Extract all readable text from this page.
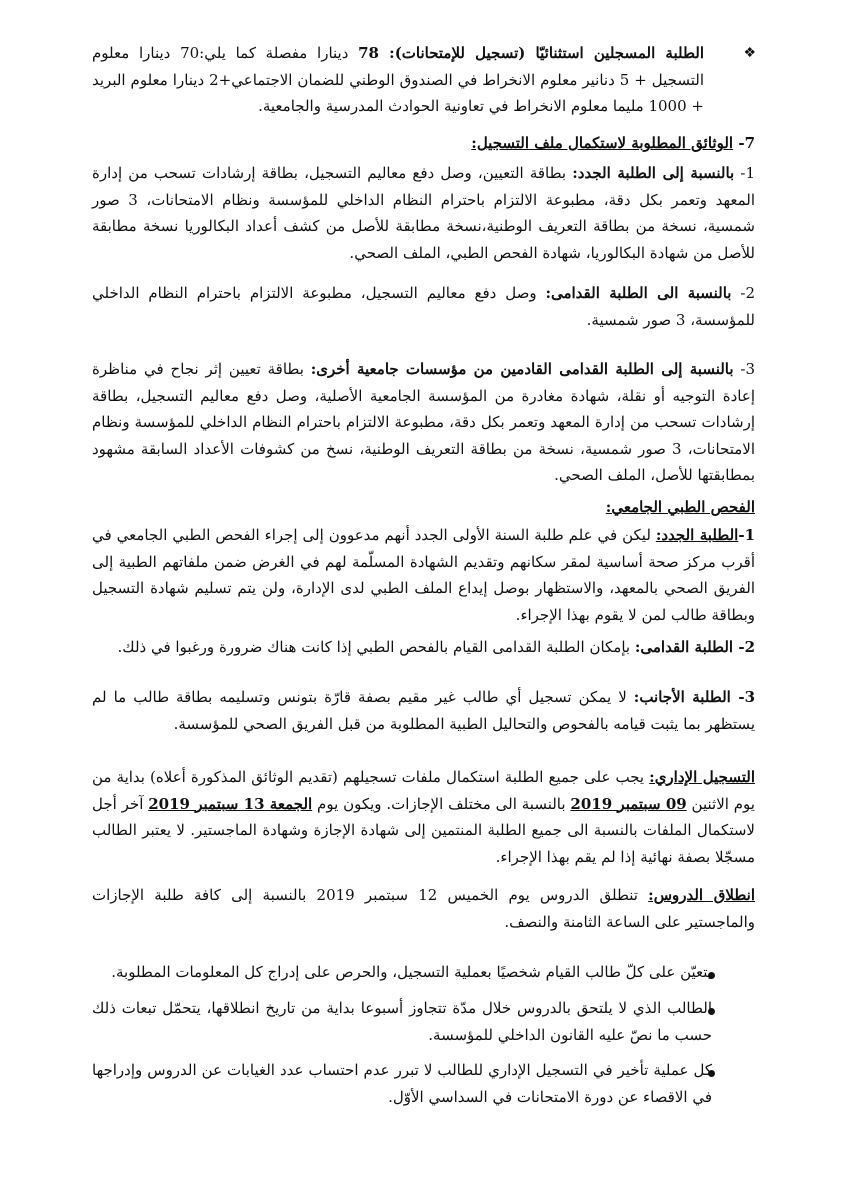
❖
الطلبة المسجلين استثنائيّا (تسجيل للإمتحانات): 78 دينارا مفصلة كما يلي:70 دينارا معلوم التسجيل + 5 دنانير معلوم الانخراط في الصندوق الوطني للضمان الاجتماعي+2 دينارا معلوم البريد + 1000 مليما معلوم الانخراط في تعاونية الحوادث المدرسية والجامعية.
7- الوثائق المطلوبة لاستكمال ملف التسجيل:
1- بالنسبة إلى الطلبة الجدد: بطاقة التعيين، وصل دفع معاليم التسجيل، بطاقة إرشادات تسحب من إدارة المعهد وتعمر بكل دقة، مطبوعة الالتزام باحترام النظام الداخلي للمؤسسة ونظام الامتحانات، 3 صور شمسية، نسخة من بطاقة التعريف الوطنية،نسخة مطابقة للأصل من كشف أعداد البكالوريا نسخة مطابقة للأصل من شهادة البكالوريا، شهادة الفحص الطبي، الملف الصحي.
2- بالنسبة الى الطلبة القدامى: وصل دفع معاليم التسجيل، مطبوعة الالتزام باحترام النظام الداخلي للمؤسسة، 3 صور شمسية.
3- بالنسبة إلى الطلبة القدامى القادمين من مؤسسات جامعية أخرى: بطاقة تعيين إثر نجاح في مناظرة إعادة التوجيه أو نقلة، شهادة مغادرة من المؤسسة الجامعية الأصلية، وصل دفع معاليم التسجيل، بطاقة إرشادات تسحب من إدارة المعهد وتعمر بكل دقة، مطبوعة الالتزام باحترام النظام الداخلي للمؤسسة ونظام الامتحانات، 3 صور شمسية، نسخة من بطاقة التعريف الوطنية، نسخ من كشوفات الأعداد السابقة مشهود بمطابقتها للأصل، الملف الصحي.
الفحص الطبي الجامعي:
1-الطلبة الجدد: ليكن في علم طلبة السنة الأولى الجدد أنهم مدعوون إلى إجراء الفحص الطبي الجامعي في أقرب مركز صحة أساسية لمقر سكانهم وتقديم الشهادة المسلّمة لهم في الغرض ضمن ملفاتهم الطبية إلى الفريق الصحي بالمعهد، والاستظهار بوصل إيداع الملف الطبي لدى الإدارة، ولن يتم تسليم شهادة التسجيل وبطاقة طالب لمن لا يقوم بهذا الإجراء.
2- الطلبة القدامى: بإمكان الطلبة القدامى القيام بالفحص الطبي إذا كانت هناك ضرورة ورغبوا في ذلك.
3- الطلبة الأجانب: لا يمكن تسجيل أي طالب غير مقيم بصفة قارّة بتونس وتسليمه بطاقة طالب ما لم يستظهر بما يثبت قيامه بالفحوص والتحاليل الطبية المطلوبة من قبل الفريق الصحي للمؤسسة.
التسجيل الإداري: يجب على جميع الطلبة استكمال ملفات تسجيلهم (تقديم الوثائق المذكورة أعلاه) بداية من يوم الاثنين 09 سبتمبر 2019 بالنسبة الى مختلف الإجازات. ويكون يوم الجمعة 13 سبتمبر 2019 آخر أجل لاستكمال الملفات بالنسبة الى جميع الطلبة المنتمين إلى شهادة الإجازة وشهادة الماجستير. لا يعتبر الطالب مسجّلا بصفة نهائية إذا لم يقم بهذا الإجراء.
انطلاق الدروس: تنطلق الدروس يوم الخميس 12 سبتمبر 2019 بالنسبة إلى كافة طلبة الإجازات والماجستير على الساعة الثامنة والنصف.
يتعيّن على كلّ طالب القيام شخصيًا بعملية التسجيل، والحرص على إدراج كل المعلومات المطلوبة.
الطالب الذي لا يلتحق بالدروس خلال مدّة تتجاوز أسبوعا بداية من تاريخ انطلاقها، يتحمّل تبعات ذلك حسب ما نصّ عليه القانون الداخلي للمؤسسة.
كل عملية تأخير في التسجيل الإداري للطالب لا تبرر عدم احتساب عدد الغيابات عن الدروس وإدراجها في الاقصاء عن دورة الامتحانات في السداسي الأوّل.
